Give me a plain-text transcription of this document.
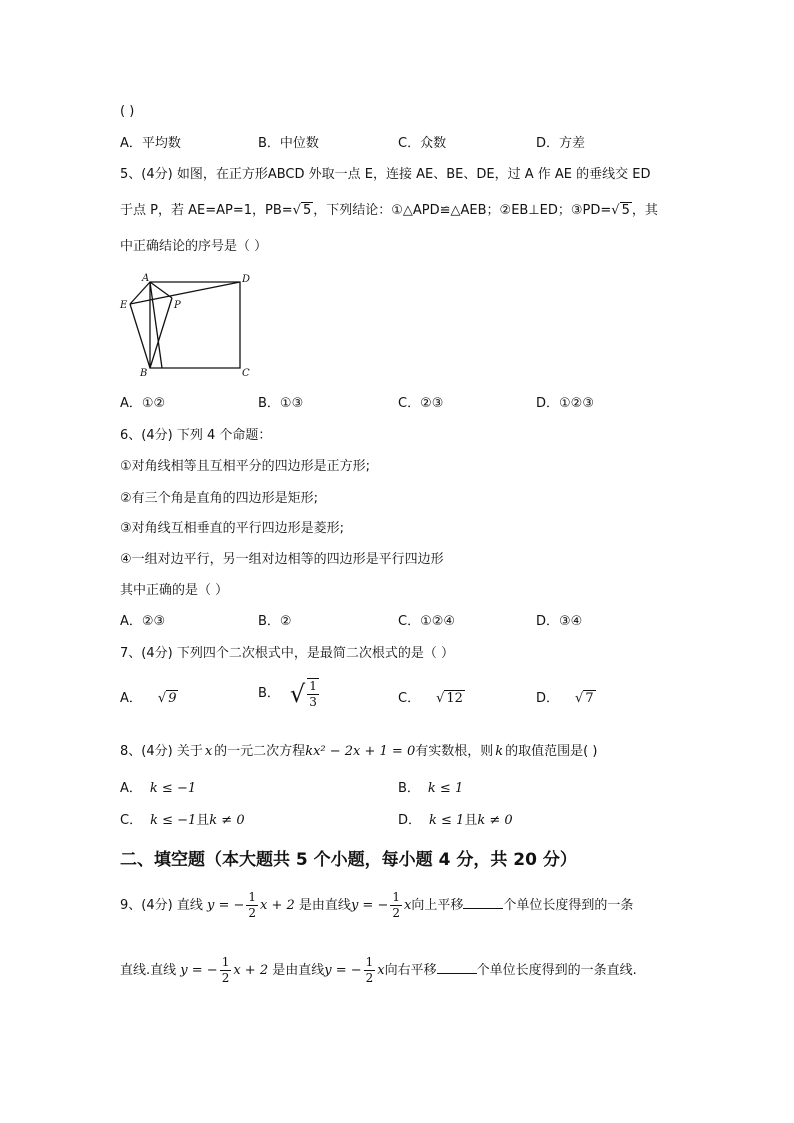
( )
A．平均数	B．中位数	C．众数	D．方差
5、(4分) 如图，在正方形ABCD 外取一点 E，连接 AE、BE、DE，过 A 作 AE 的垂线交 ED
于点 P，若 AE=AP=1，PB=√ 5 ，下列结论：①△APD≌△AEB；②EB⊥ED；③PD=√ 5 ，其
中正确结论的序号是（ ）
A	D
E	P
B	C
A．①②	B．①③	C．②③	D．①②③
6、(4分) 下列 4 个命题：
①对角线相等且互相平分的四边形是正方形;
②有三个角是直角的四边形是矩形;
③对角线互相垂直的平行四边形是菱形;
④一组对边平行，另一组对边相等的四边形是平行四边形
其中正确的是（ ）
A．②③	B．②	C．①②④	D．③④
7、(4分) 下列四个二次根式中，是最简二次根式的是（ ）
A． √ 9	B． √ $\frac{1}{3}$	C． √ 12	D． √ 7
8、(4分) 关于 x 的一元二次方程kx² − 2x + 1 = 0有实数根，则 k 的取值范围是( )
A． k ≤ −1	B． k ≤ 1
C． k ≤ −1且k ≠ 0	D． k ≤ 1且k ≠ 0
二、填空题（本大题共 5 个小题，每小题 4 分，共 20 分）
9、(4分) 直线 y = − $\frac{1}{2}$ x + 2 是由直线y = − $\frac{1}{2}$ x向上平移	个单位长度得到的一条
直线.直线 y = − $\frac{1}{2}$ x + 2 是由直线y = − $\frac{1}{2}$ x向右平移	个单位长度得到的一条直线.
